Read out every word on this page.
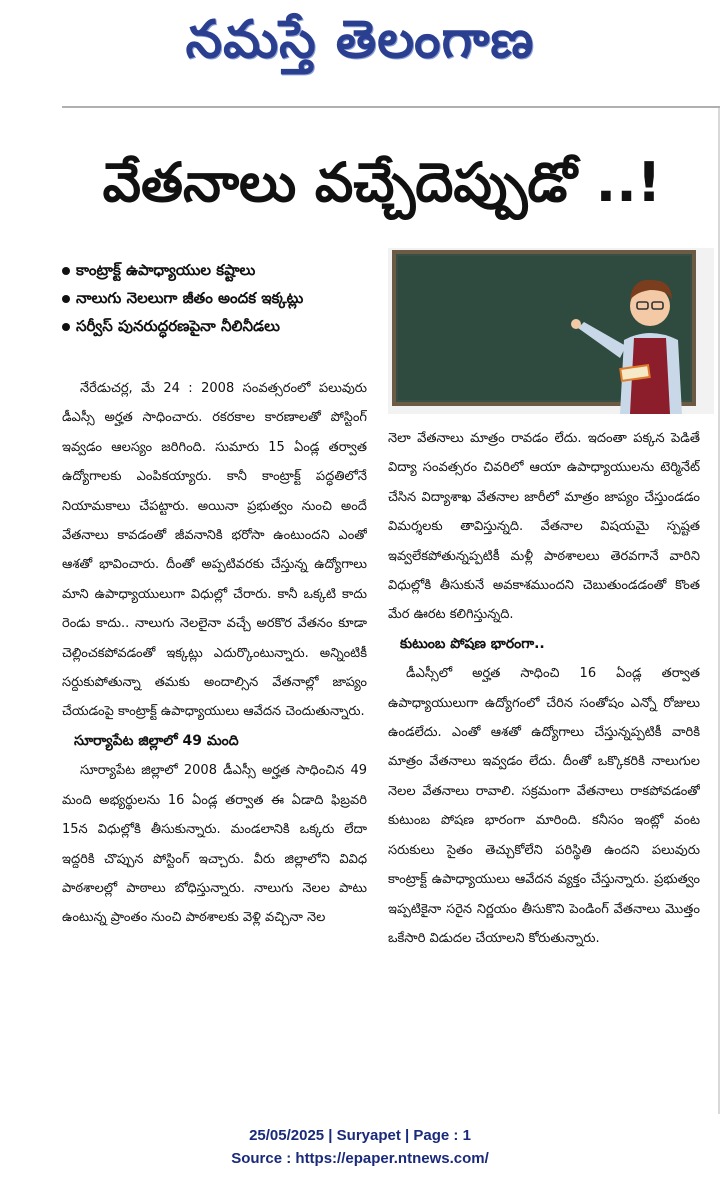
నమస్తే తెలంగాణ
వేతనాలు వచ్చేదెప్పుడో ..!
కాంట్రాక్ట్ ఉపాధ్యాయుల కష్టాలు
నాలుగు నెలలుగా జీతం అందక ఇక్కట్లు
సర్వీస్ పునరుద్ధరణపైనా నీలినీడలు

నేరేడుచర్ల, మే 24 : 2008 సంవత్సరంలో పలువురు డీఎస్సీ అర్హత సాధించారు. రకరకాల కారణాలతో పోస్టింగ్ ఇవ్వడం ఆలస్యం జరిగింది. సుమారు 15 ఏండ్ల తర్వాత ఉద్యోగాలకు ఎంపికయ్యారు. కానీ కాంట్రాక్ట్ పద్ధతిలోనే నియామకాలు చేపట్టారు. అయినా ప్రభుత్వం నుంచి అందే వేతనాలు కావడంతో జీవనానికి భరోసా ఉంటుందని ఎంతో ఆశతో భావించారు. దీంతో అప్పటివరకు చేస్తున్న ఉద్యోగాలు మాని ఉపాధ్యాయులుగా విధుల్లో చేరారు. కానీ ఒక్కటి కాదు రెండు కాదు.. నాలుగు నెలలైనా వచ్చే అరకొర వేతనం కూడా చెల్లించకపోవడంతో ఇక్కట్లు ఎదుర్కొంటున్నారు. అన్నింటికీ సర్దుకుపోతున్నా తమకు అందాల్సిన వేతనాల్లో జాప్యం చేయడంపై కాంట్రాక్ట్ ఉపాధ్యాయులు ఆవేదన చెందుతున్నారు.

సూర్యాపేట జిల్లాలో 49 మంది

సూర్యాపేట జిల్లాలో 2008 డీఎస్సీ అర్హత సాధించిన 49 మంది అభ్యర్థులను 16 ఏండ్ల తర్వాత ఈ ఏడాది ఫిబ్రవరి 15న విధుల్లోకి తీసుకున్నారు. మండలానికి ఒక్కరు లేదా ఇద్దరికి చొప్పున పోస్టింగ్ ఇచ్చారు. వీరు జిల్లాలోని వివిధ పాఠశాలల్లో పాఠాలు బోధిస్తున్నారు. నాలుగు నెలల పాటు ఉంటున్న ప్రాంతం నుంచి పాఠశాలకు వెళ్లి వచ్చినా నెల

నెలా వేతనాలు మాత్రం రావడం లేదు. ఇదంతా పక్కన పెడితే విద్యా సంవత్సరం చివరిలో ఆయా ఉపాధ్యాయులను టెర్మినేట్ చేసిన విద్యాశాఖ వేతనాల జారీలో మాత్రం జాప్యం చేస్తుండడం విమర్శలకు తావిస్తున్నది. వేతనాల విషయమై స్పష్టత ఇవ్వలేకపోతున్నప్పటికీ మళ్లీ పాఠశాలలు తెరవగానే వారిని విధుల్లోకి తీసుకునే అవకాశముందని చెబుతుండడంతో కొంత మేర ఊరట కలిగిస్తున్నది.

కుటుంబ పోషణ భారంగా..

డీఎస్సీలో అర్హత సాధించి 16 ఏండ్ల తర్వాత ఉపాధ్యాయులుగా ఉద్యోగంలో చేరిన సంతోషం ఎన్నో రోజులు ఉండలేదు. ఎంతో ఆశతో ఉద్యోగాలు చేస్తున్నప్పటికీ వారికి మాత్రం వేతనాలు ఇవ్వడం లేదు. దీంతో ఒక్కొకరికి నాలుగుల నెలల వేతనాలు రావాలి. సక్రమంగా వేతనాలు రాకపోవడంతో కుటుంబ పోషణ భారంగా మారింది. కనీసం ఇంట్లో వంట సరుకులు సైతం తెచ్చుకోలేని పరిస్థితి ఉందని పలువురు కాంట్రాక్ట్ ఉపాధ్యాయులు ఆవేదన వ్యక్తం చేస్తున్నారు. ప్రభుత్వం ఇప్పటికైనా సరైన నిర్ణయం తీసుకొని పెండింగ్ వేతనాలు మొత్తం ఒకేసారి విడుదల చేయాలని కోరుతున్నారు.

25/05/2025 | Suryapet | Page : 1
Source : https://epaper.ntnews.com/
